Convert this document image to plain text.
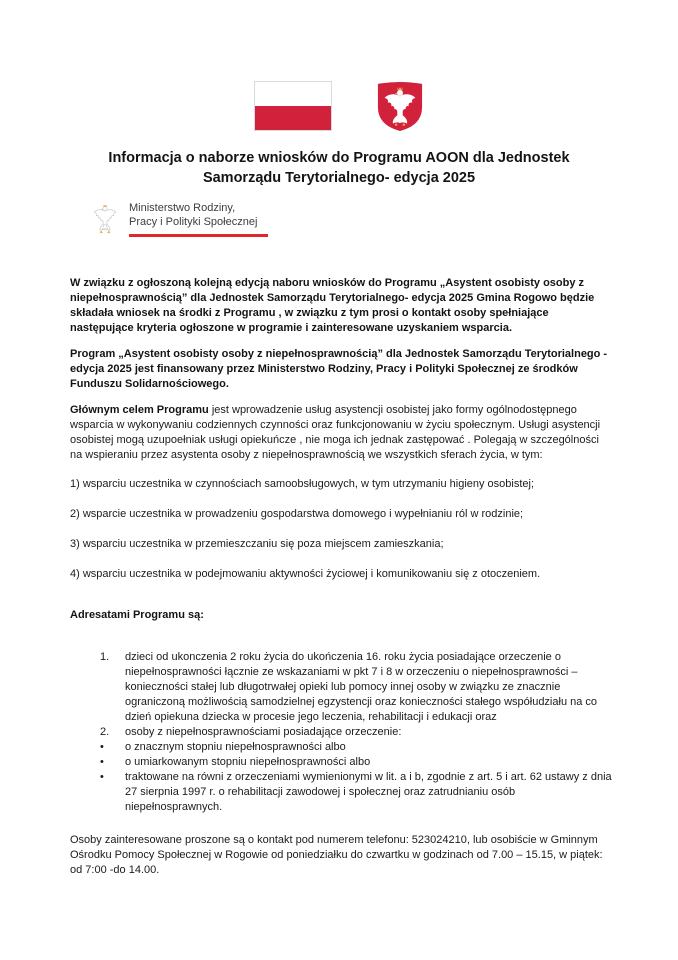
Informacja o naborze wniosków do Programu AOON dla Jednostek Samorządu Terytorialnego- edycja 2025
Ministerstwo Rodziny,
Pracy i Polityki Społecznej

W związku z ogłoszoną kolejną edycją naboru wniosków do Programu „Asystent osobisty osoby z niepełnosprawnością” dla Jednostek Samorządu Terytorialnego- edycja 2025 Gmina Rogowo będzie składała wniosek na środki z Programu , w związku z tym prosi o kontakt osoby spełniające następujące kryteria ogłoszone w programie i zainteresowane uzyskaniem wsparcia.

Program „Asystent osobisty osoby z niepełnosprawnością” dla Jednostek Samorządu Terytorialnego - edycja 2025 jest finansowany przez Ministerstwo Rodziny, Pracy i Polityki Społecznej ze środków Funduszu Solidarnościowego.

Głównym celem Programu jest wprowadzenie usług asystencji osobistej jako formy ogólnodostępnego wsparcia w wykonywaniu codziennych czynności oraz funkcjonowaniu w życiu społecznym. Usługi asystencji osobistej mogą uzupoełniak usługi opiekuńcze , nie moga ich jednak zastępować . Polegają w szczególności na wspieraniu przez asystenta osoby z niepełnosprawnością we wszystkich sferach życia, w tym:

1) wsparciu uczestnika w czynnościach samoobsługowych, w tym utrzymaniu higieny osobistej;
2) wsparcie uczestnika w prowadzeniu gospodarstwa domowego i wypełnianiu ról w rodzinie;
3) wsparciu uczestnika w przemieszczaniu się poza miejscem zamieszkania;
4) wsparciu uczestnika w podejmowaniu aktywności życiowej i komunikowaniu się z otoczeniem.
Adresatami Programu są:
1. dzieci od ukonczenia 2 roku życia do ukończenia 16. roku życia posiadające orzeczenie o niepełnosprawności łącznie ze wskazaniami w pkt 7 i 8 w orzeczeniu o niepełnosprawności – konieczności stałej lub długotrwałej opieki lub pomocy innej osoby w związku ze znacznie ograniczoną możliwością samodzielnej egzystencji oraz konieczności stałego współudziału na co dzień opiekuna dziecka w procesie jego leczenia, rehabilitacji i edukacji oraz
2. osoby z niepełnosprawnościami posiadające orzeczenie:
• o znacznym stopniu niepełnosprawności albo
• o umiarkowanym stopniu niepełnosprawności albo
• traktowane na równi z orzeczeniami wymienionymi w lit. a i b, zgodnie z art. 5 i art. 62 ustawy z dnia 27 sierpnia 1997 r. o rehabilitacji zawodowej i społecznej oraz zatrudnianiu osób niepełnosprawnych.

Osoby zainteresowane proszone są o kontakt pod numerem telefonu: 523024210, lub osobiście w Gminnym Ośrodku Pomocy Społecznej w Rogowie od poniedziałku do czwartku w godzinach od 7.00 – 15.15, w piątek: od 7:00 -do 14.00.
